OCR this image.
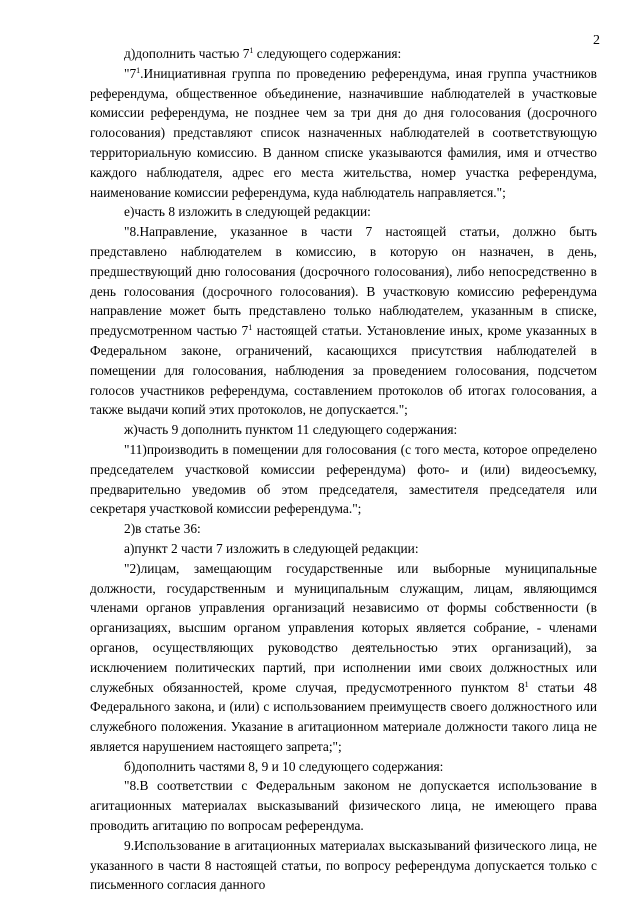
2

д)дополнить частью $7^1$ следующего содержания:

"$7^1.Инициативная$ группа по проведению референдума, иная группа участников референдума, общественное объединение, назначившие наблюдателей в участковые комиссии референдума, не позднее чем за три дня до дня голосования (досрочного голосования) представляют список назначенных наблюдателей в соответствующую территориальную комиссию. В данном списке указываются фамилия, имя и отчество каждого наблюдателя, адрес его места жительства, номер участка референдума, наименование комиссии референдума, куда наблюдатель направляется.";

е)часть 8 изложить в следующей редакции:

"8.Направление, указанное в части 7 настоящей статьи, должно быть представлено наблюдателем в комиссию, в которую он назначен, в день, предшествующий дню голосования (досрочного голосования), либо непосредственно в день голосования (досрочного голосования). В участковую комиссию референдума направление может быть представлено только наблюдателем, указанным в списке, предусмотренном частью $7^1$ настоящей статьи. Установление иных, кроме указанных в Федеральном законе, ограничений, касающихся присутствия наблюдателей в помещении для голосования, наблюдения за проведением голосования, подсчетом голосов участников референдума, составлением протоколов об итогах голосования, а также выдачи копий этих протоколов, не допускается.";

ж)часть 9 дополнить пунктом 11 следующего содержания:

"11)производить в помещении для голосования (с того места, которое определено председателем участковой комиссии референдума) фото- и (или) видеосъемку, предварительно уведомив об этом председателя, заместителя председателя или секретаря участковой комиссии референдума.";

2)в статье 36:

а)пункт 2 части 7 изложить в следующей редакции:

"2)лицам, замещающим государственные или выборные муниципальные должности, государственным и муниципальным служащим, лицам, являющимся членами органов управления организаций независимо от формы собственности (в организациях, высшим органом управления которых является собрание, - членами органов, осуществляющих руководство деятельностью этих организаций), за исключением политических партий, при исполнении ими своих должностных или служебных обязанностей, кроме случая, предусмотренного пунктом $8^1$ статьи 48 Федерального закона, и (или) с использованием преимуществ своего должностного или служебного положения. Указание в агитационном материале должности такого лица не является нарушением настоящего запрета;";

б)дополнить частями 8, 9 и 10 следующего содержания:

"8.В соответствии с Федеральным законом не допускается использование в агитационных материалах высказываний физического лица, не имеющего права проводить агитацию по вопросам референдума.

9.Использование в агитационных материалах высказываний физического лица, не указанного в части 8 настоящей статьи, по вопросу референдума допускается только с письменного согласия данного
